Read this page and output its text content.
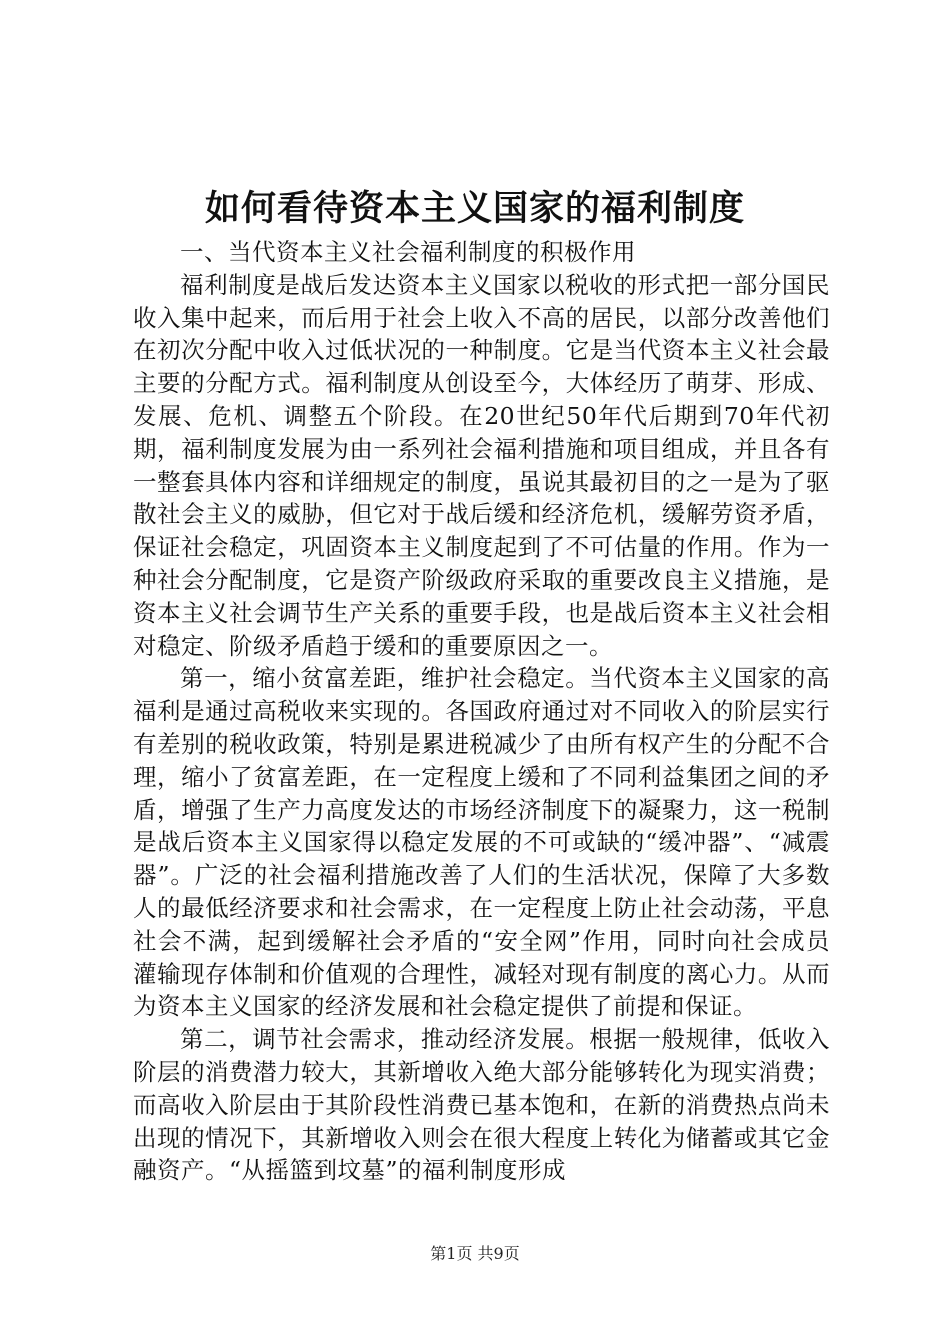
如何看待资本主义国家的福利制度

一、当代资本主义社会福利制度的积极作用

福利制度是战后发达资本主义国家以税收的形式把一部分国民收入集中起来，而后用于社会上收入不高的居民，以部分改善他们在初次分配中收入过低状况的一种制度。它是当代资本主义社会最主要的分配方式。福利制度从创设至今，大体经历了萌芽、形成、发展、危机、调整五个阶段。在20世纪50年代后期到70年代初期，福利制度发展为由一系列社会福利措施和项目组成，并且各有一整套具体内容和详细规定的制度，虽说其最初目的之一是为了驱散社会主义的威胁，但它对于战后缓和经济危机，缓解劳资矛盾，保证社会稳定，巩固资本主义制度起到了不可估量的作用。作为一种社会分配制度，它是资产阶级政府采取的重要改良主义措施，是资本主义社会调节生产关系的重要手段，也是战后资本主义社会相对稳定、阶级矛盾趋于缓和的重要原因之一。

第一，缩小贫富差距，维护社会稳定。当代资本主义国家的高福利是通过高税收来实现的。各国政府通过对不同收入的阶层实行有差别的税收政策，特别是累进税减少了由所有权产生的分配不合理，缩小了贫富差距，在一定程度上缓和了不同利益集团之间的矛盾，增强了生产力高度发达的市场经济制度下的凝聚力，这一税制是战后资本主义国家得以稳定发展的不可或缺的“缓冲器”、“减震器”。广泛的社会福利措施改善了人们的生活状况，保障了大多数人的最低经济要求和社会需求，在一定程度上防止社会动荡，平息社会不满，起到缓解社会矛盾的“安全网”作用，同时向社会成员灌输现存体制和价值观的合理性，减轻对现有制度的离心力。从而为资本主义国家的经济发展和社会稳定提供了前提和保证。

第二，调节社会需求，推动经济发展。根据一般规律，低收入阶层的消费潜力较大，其新增收入绝大部分能够转化为现实消费；而高收入阶层由于其阶段性消费已基本饱和，在新的消费热点尚未出现的情况下，其新增收入则会在很大程度上转化为储蓄或其它金融资产。“从摇篮到坟墓”的福利制度形成

第1页 共9页
